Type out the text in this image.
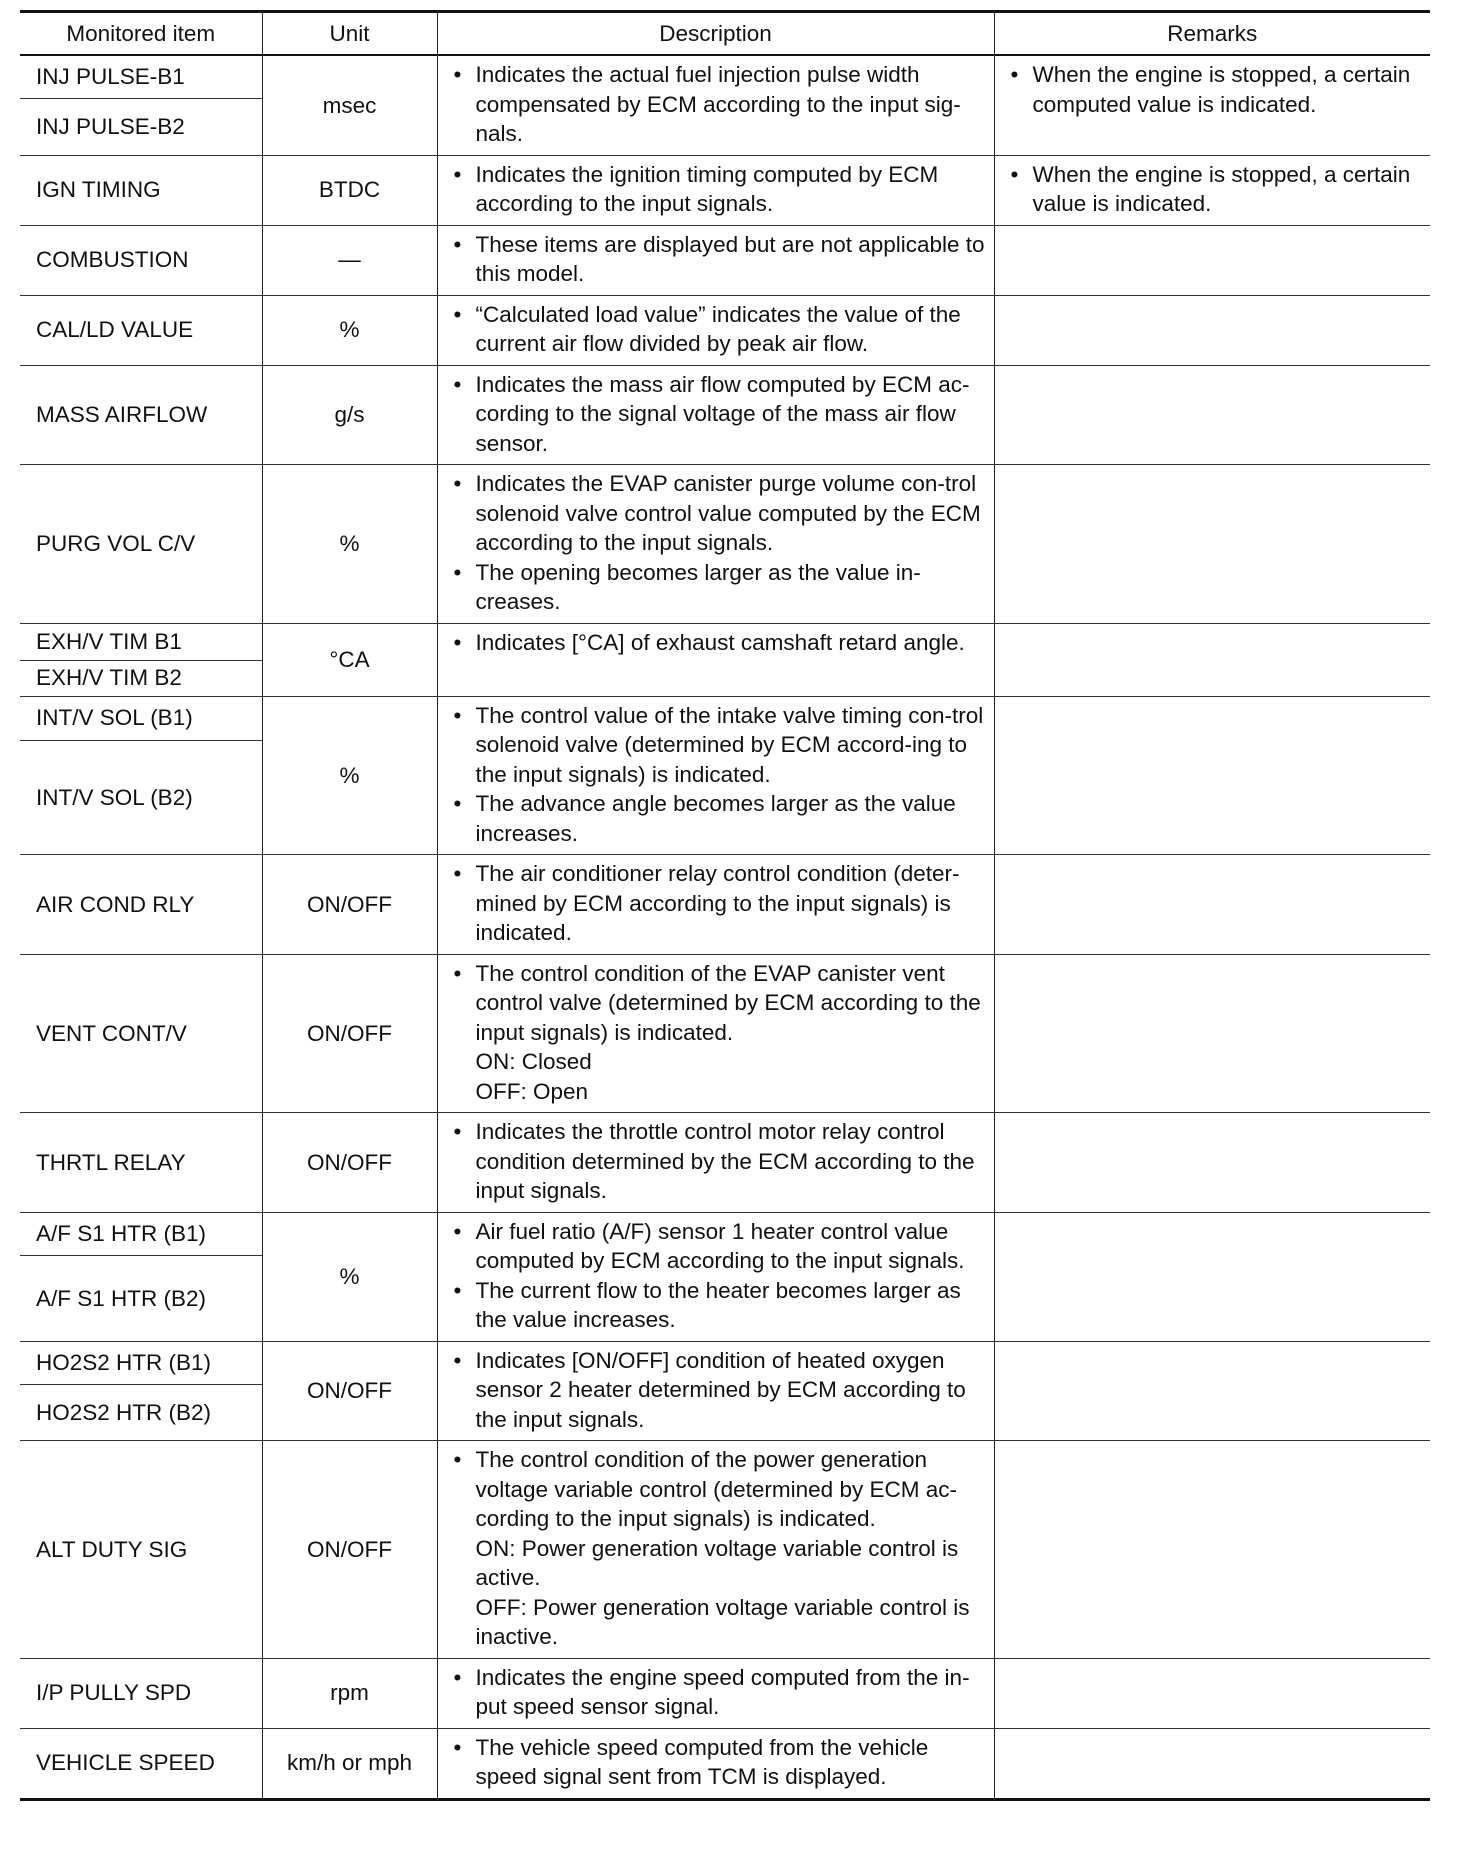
Monitored item	Unit	Description	Remarks
INJ PULSE-B1	msec	• Indicates the actual fuel injection pulse width compensated by ECM according to the input sig-nals.	• When the engine is stopped, a certain computed value is indicated.

INJ PULSE-B2			
IGN TIMING	BTDC	• Indicates the ignition timing computed by ECM according to the input signals.	• When the engine is stopped, a certain value is indicated.

COMBUSTION	—	• These items are displayed but are not applicable to this model.

CAL/LD VALUE	%	• “Calculated load value” indicates the value of the current air flow divided by peak air flow.

MASS AIRFLOW	g/s	• Indicates the mass air flow computed by ECM ac-cording to the signal voltage of the mass air flow sensor.

PURG VOL C/V	%	• Indicates the EVAP canister purge volume con-trol solenoid valve control value computed by the ECM according to the input signals.
• The opening becomes larger as the value in-creases.

EXH/V TIM B1	°CA	• Indicates [°CA] of exhaust camshaft retard angle.

EXH/V TIM B2			
INT/V SOL (B1)	%	• The control value of the intake valve timing con-trol solenoid valve (determined by ECM accord-ing to the input signals) is indicated.
• The advance angle becomes larger as the value increases.

INT/V SOL (B2)			
AIR COND RLY	ON/OFF	• The air conditioner relay control condition (deter-mined by ECM according to the input signals) is indicated.

VENT CONT/V	ON/OFF	• The control condition of the EVAP canister vent control valve (determined by ECM according to the input signals) is indicated.
ON: Closed
OFF: Open

THRTL RELAY	ON/OFF	• Indicates the throttle control motor relay control condition determined by the ECM according to the input signals.

A/F S1 HTR (B1)	%	• Air fuel ratio (A/F) sensor 1 heater control value computed by ECM according to the input signals.
• The current flow to the heater becomes larger as the value increases.

A/F S1 HTR (B2)			
HO2S2 HTR (B1)	ON/OFF	• Indicates [ON/OFF] condition of heated oxygen sensor 2 heater determined by ECM according to the input signals.

HO2S2 HTR (B2)			
ALT DUTY SIG	ON/OFF	• The control condition of the power generation voltage variable control (determined by ECM ac-cording to the input signals) is indicated.
ON: Power generation voltage variable control is active.
OFF: Power generation voltage variable control is inactive.

I/P PULLY SPD	rpm	• Indicates the engine speed computed from the in-put speed sensor signal.

VEHICLE SPEED	km/h or mph	• The vehicle speed computed from the vehicle speed signal sent from TCM is displayed.
